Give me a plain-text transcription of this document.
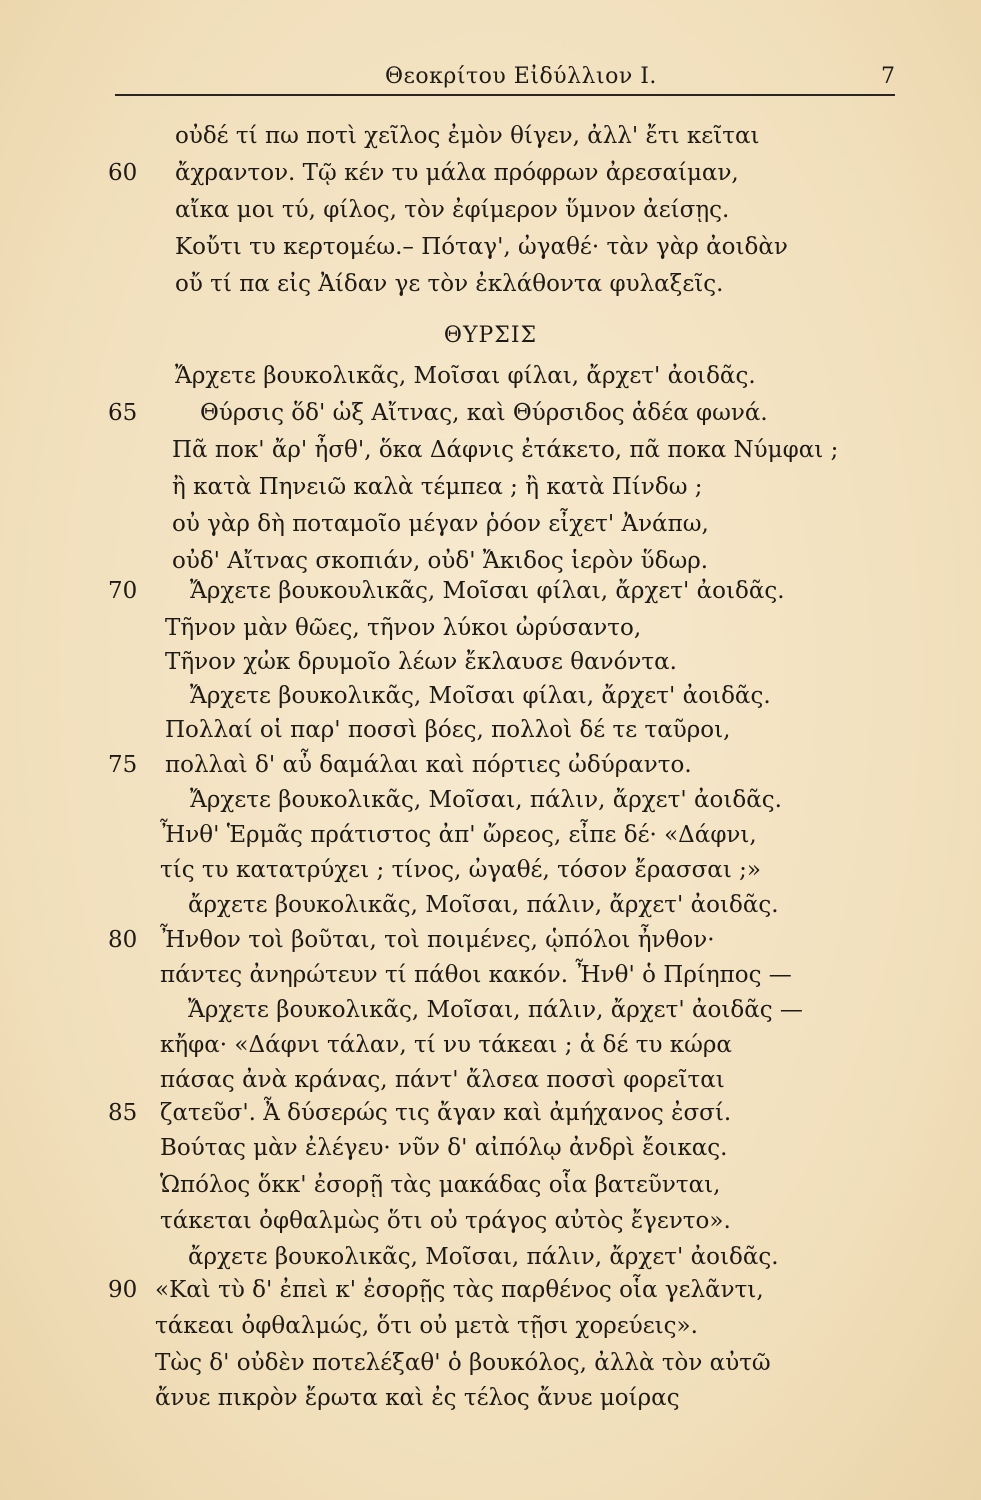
Θεοκρίτου Εἰδύλλιον Ι.	7
οὐδέ τί πω ποτὶ χεῖλος ἐμὸν θίγεν, ἀλλ' ἔτι κεῖται
60 ἄχραντον. Τῷ κέν τυ μάλα πρόφρων ἀρεσαίμαν,
αἴκα μοι τύ, φίλος, τὸν ἐφίμερον ὕμνον ἀείσῃς.
Κοὔτι τυ κερτομέω.– Πόταγ', ὠγαθέ· τὰν γὰρ ἀοιδὰν
οὔ τί πα εἰς Ἀίδαν γε τὸν ἐκλάθοντα φυλαξεῖς.
ΘΥΡΣΙΣ
Ἄρχετε βουκολικᾶς, Μοῖσαι φίλαι, ἄρχετ' ἀοιδᾶς.
65	Θύρσις ὅδ' ὡξ Αἴτνας, καὶ Θύρσιδος ἁδέα φωνά.
Πᾶ ποκ' ἄρ' ἦσθ', ὅκα Δάφνις ἐτάκετο, πᾶ ποκα Νύμφαι ;
ἢ κατὰ Πηνειῶ καλὰ τέμπεα ; ἢ κατὰ Πίνδω ;
οὐ γὰρ δὴ ποταμοῖο μέγαν ῥόον εἶχετ' Ἀνάπω,
οὐδ' Αἴτνας σκοπιάν, οὐδ' Ἄκιδος ἱερὸν ὕδωρ.
70 Ἄρχετε βουκουλικᾶς, Μοῖσαι φίλαι, ἄρχετ' ἀοιδᾶς.
Τῆνον μὰν θῶες, τῆνον λύκοι ὠρύσαντο,
Τῆνον χὠκ δρυμοῖο λέων ἔκλαυσε θανόντα.
Ἄρχετε βουκολικᾶς, Μοῖσαι φίλαι, ἄρχετ' ἀοιδᾶς.
Πολλαί οἱ παρ' ποσσὶ βόες, πολλοὶ δέ τε ταῦροι,
75 πολλαὶ δ' αὖ δαμάλαι καὶ πόρτιες ὠδύραντο.
Ἄρχετε βουκολικᾶς, Μοῖσαι, πάλιν, ἄρχετ' ἀοιδᾶς.
Ἦνθ' Ἑρμᾶς πράτιστος ἀπ' ὤρεος, εἶπε δέ· «Δάφνι,
τίς τυ κατατρύχει ; τίνος, ὠγαθέ, τόσον ἔρασσαι ;»
ἄρχετε βουκολικᾶς, Μοῖσαι, πάλιν, ἄρχετ' ἀοιδᾶς.
80 Ἦνθον τοὶ βοῦται, τοὶ ποιμένες, ᾡπόλοι ἦνθον·
πάντες ἀνηρώτευν τί πάθοι κακόν. Ἦνθ' ὁ Πρίηπος —
Ἄρχετε βουκολικᾶς, Μοῖσαι, πάλιν, ἄρχετ' ἀοιδᾶς —
κἤφα· «Δάφνι τάλαν, τί νυ τάκεαι ; ἁ δέ τυ κώρα
πάσας ἀνὰ κράνας, πάντ' ἄλσεα ποσσὶ φορεῖται
85 ζατεῦσ'. Ἆ δύσερώς τις ἄγαν καὶ ἀμήχανος ἐσσί.
Βούτας μὰν ἐλέγευ· νῦν δ' αἰπόλῳ ἀνδρὶ ἔοικας.
Ὡπόλος ὅκκ' ἐσορῇ τὰς μακάδας οἷα βατεῦνται,
τάκεται ὀφθαλμὼς ὅτι οὐ τράγος αὐτὸς ἔγεντο».
ἄρχετε βουκολικᾶς, Μοῖσαι, πάλιν, ἄρχετ' ἀοιδᾶς.
90 «Καὶ τὺ δ' ἐπεὶ κ' ἐσορῇς τὰς παρθένος οἷα γελᾶντι,
τάκεαι ὀφθαλμώς, ὅτι οὐ μετὰ τῇσι χορεύεις».
Τὼς δ' οὐδὲν ποτελέξαθ' ὁ βουκόλος, ἀλλὰ τὸν αὐτῶ
ἄνυε πικρὸν ἔρωτα καὶ ἐς τέλος ἄνυε μοίρας
